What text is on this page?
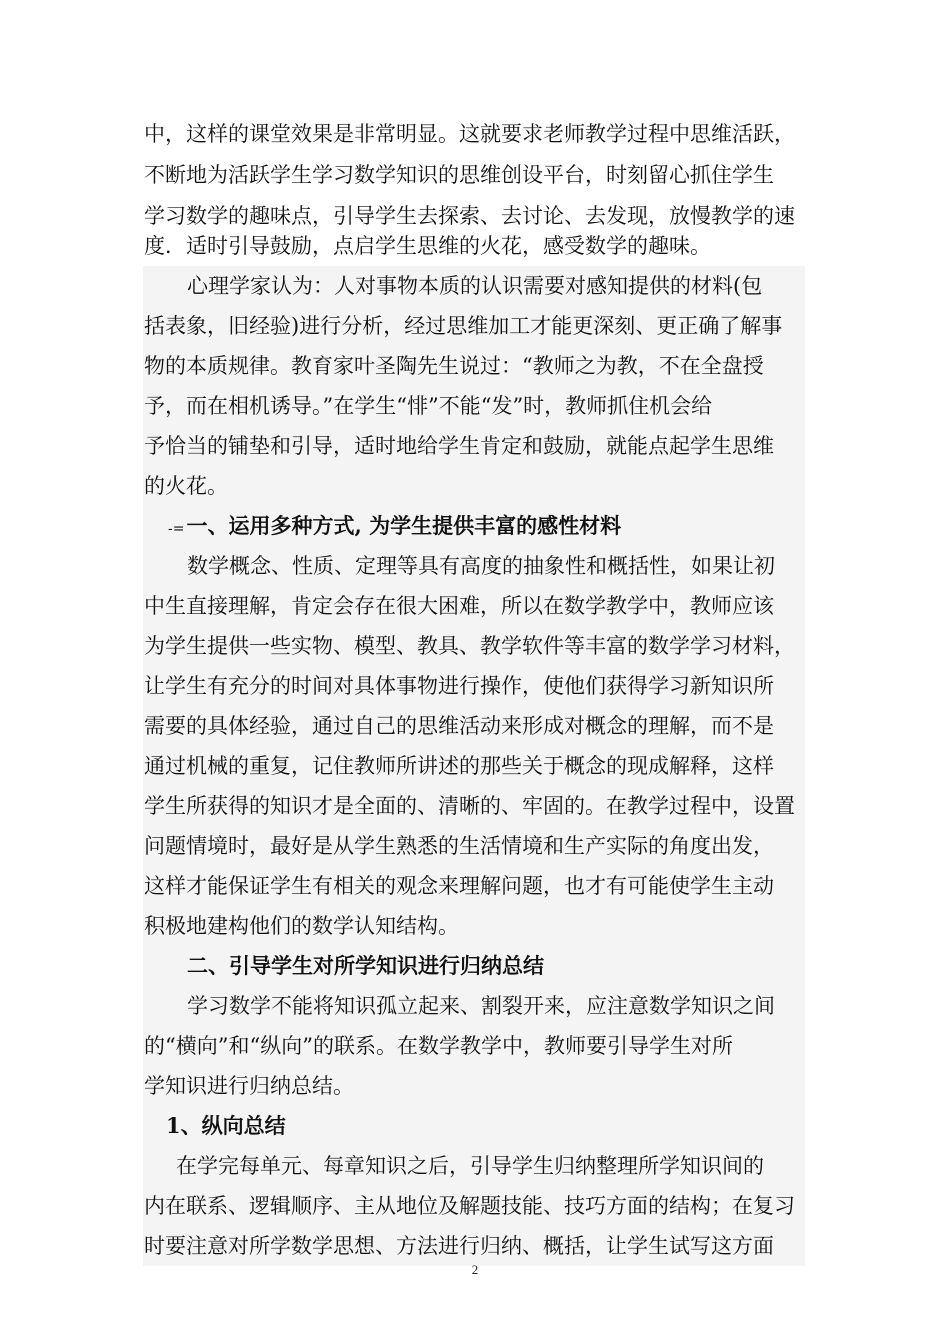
中，这样的课堂效果是非常明显。这就要求老师教学过程中思维活跃，
不断地为活跃学生学习数学知识的思维创设平台，时刻留心抓住学生
学习数学的趣味点，引导学生去探索、去讨论、去发现，放慢教学的速
度．适时引导鼓励，点启学生思维的火花，感受数学的趣味。
心理学家认为：人对事物本质的认识需要对感知提供的材料(包
括表象，旧经验)进行分析，经过思维加工才能更深刻、更正确了解事
物的本质规律。教育家叶圣陶先生说过：“教师之为教，不在全盘授
予，而在相机诱导。”在学生“悱”不能“发”时，教师抓住机会给
予恰当的铺垫和引导，适时地给学生肯定和鼓励，就能点起学生思维
的火花。
-=一、运用多种方式, 为学生提供丰富的感性材料
数学概念、性质、定理等具有高度的抽象性和概括性，如果让初
中生直接理解，肯定会存在很大困难，所以在数学教学中，教师应该
为学生提供一些实物、模型、教具、教学软件等丰富的数学学习材料，
让学生有充分的时间对具体事物进行操作，使他们获得学习新知识所
需要的具体经验，通过自己的思维活动来形成对概念的理解，而不是
通过机械的重复，记住教师所讲述的那些关于概念的现成解释，这样
学生所获得的知识才是全面的、清晰的、牢固的。在教学过程中，设置
问题情境时，最好是从学生熟悉的生活情境和生产实际的角度出发，
这样才能保证学生有相关的观念来理解问题，也才有可能使学生主动
积极地建构他们的数学认知结构。
二、引导学生对所学知识进行归纳总结
学习数学不能将知识孤立起来、割裂开来，应注意数学知识之间
的“横向”和“纵向”的联系。在数学教学中，教师要引导学生对所
学知识进行归纳总结。
1、纵向总结
在学完每单元、每章知识之后，引导学生归纳整理所学知识间的
内在联系、逻辑顺序、主从地位及解题技能、技巧方面的结构；在复习
时要注意对所学数学思想、方法进行归纳、概括，让学生试写这方面
2
